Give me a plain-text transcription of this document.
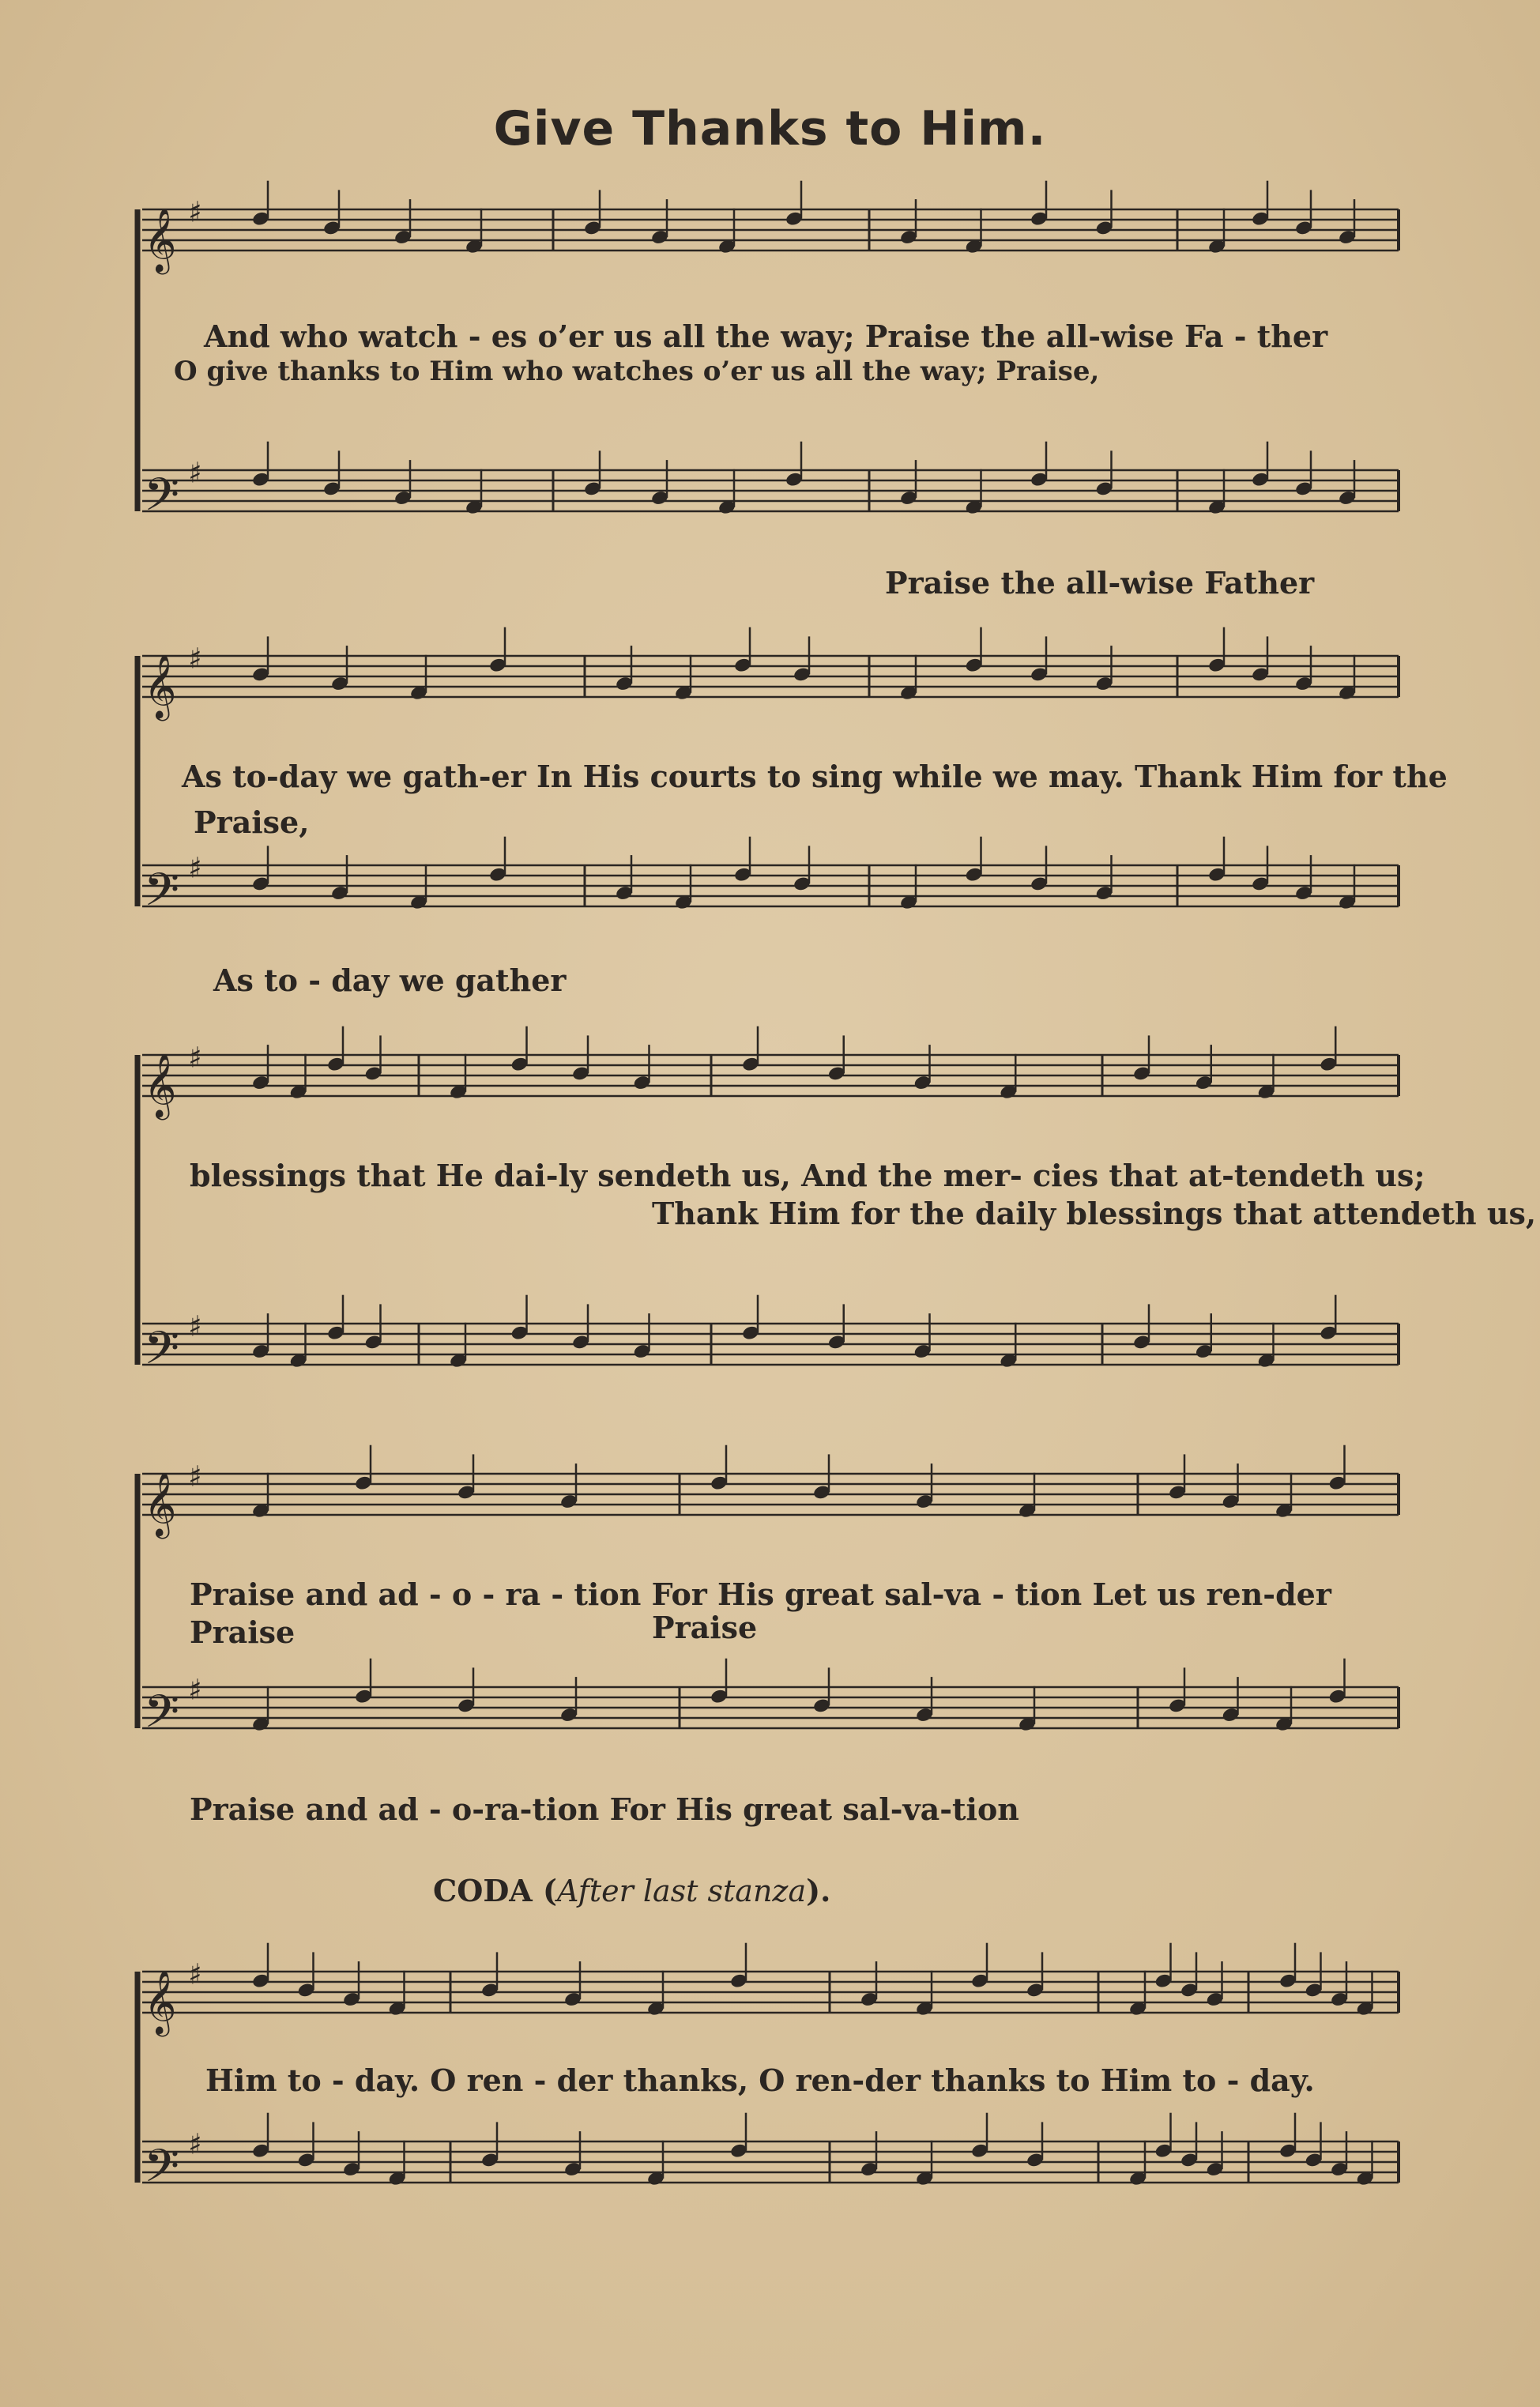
Give Thanks to Him.
𝄞 ♯
𝄢 ♯
And who watch - es o’er us all the way; Praise the all-wise Fa - ther
O give thanks to Him who watches o’er us all the way; Praise,
Praise the all-wise Father
𝄞 ♯
𝄢 ♯
As to-day we gath-er In His courts to sing while we may. Thank Him for the
Praise,
As to - day we gather
𝄞 ♯
𝄢 ♯
blessings that He dai-ly sendeth us, And the mer- cies that at-tendeth us;
Thank Him for the daily blessings that attendeth us,
𝄞 ♯
𝄢 ♯
Praise and ad - o - ra - tion For His great sal-va - tion Let us ren-der
Praise	Praise
Praise and ad - o-ra-tion For His great sal-va-tion
CODA (After last stanza).
𝄞 ♯
𝄢 ♯
Him to - day. O ren - der thanks, O ren-der thanks to Him to - day.
